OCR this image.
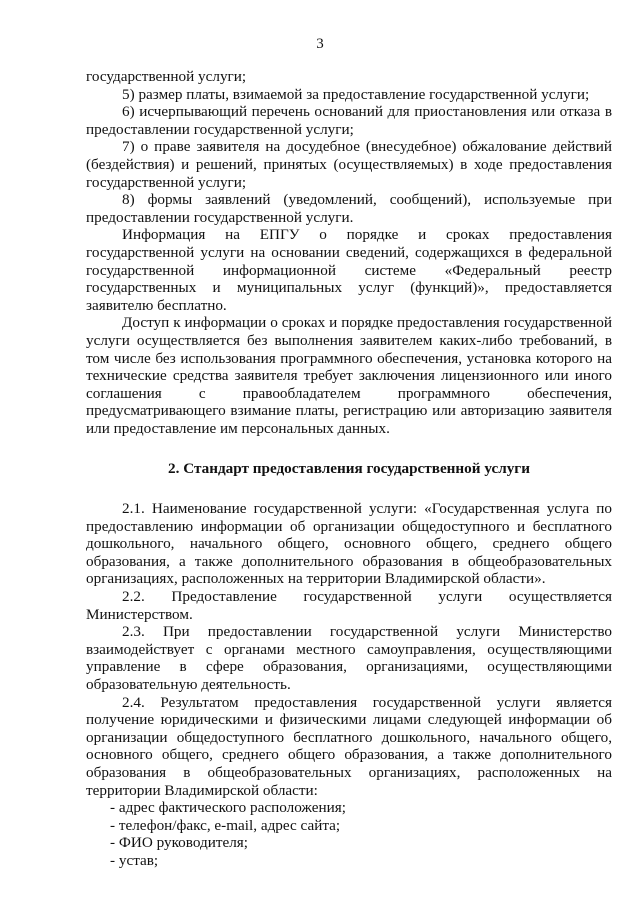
3

государственной услуги;

5) размер платы, взимаемой за предоставление государственной услуги;

6) исчерпывающий перечень оснований для приостановления или отказа в предоставлении государственной услуги;

7) о праве заявителя на досудебное (внесудебное) обжалование действий (бездействия) и решений, принятых (осуществляемых) в ходе предоставления государственной услуги;

8) формы заявлений (уведомлений, сообщений), используемые при предоставлении государственной услуги.

Информация на ЕПГУ о порядке и сроках предоставления государственной услуги на основании сведений, содержащихся в федеральной государственной информационной системе «Федеральный реестр государственных и муниципальных услуг (функций)», предоставляется заявителю бесплатно.

Доступ к информации о сроках и порядке предоставления государственной услуги осуществляется без выполнения заявителем каких-либо требований, в том числе без использования программного обеспечения, установка которого на технические средства заявителя требует заключения лицензионного или иного соглашения с правообладателем программного обеспечения, предусматривающего взимание платы, регистрацию или авторизацию заявителя или предоставление им персональных данных.

2. Стандарт предоставления государственной услуги

2.1. Наименование государственной услуги: «Государственная услуга по предоставлению информации об организации общедоступного и бесплатного дошкольного, начального общего, основного общего, среднего общего образования, а также дополнительного образования в общеобразовательных организациях, расположенных на территории Владимирской области».

2.2. Предоставление государственной услуги осуществляется Министерством.

2.3. При предоставлении государственной услуги Министерство взаимодействует с органами местного самоуправления, осуществляющими управление в сфере образования, организациями, осуществляющими образовательную деятельность.

2.4. Результатом предоставления государственной услуги является получение юридическими и физическими лицами следующей информации об организации общедоступного бесплатного дошкольного, начального общего, основного общего, среднего общего образования, а также дополнительного образования в общеобразовательных организациях, расположенных на территории Владимирской области:

- адрес фактического расположения;

- телефон/факс, e-mail, адрес сайта;

- ФИО руководителя;

- устав;
